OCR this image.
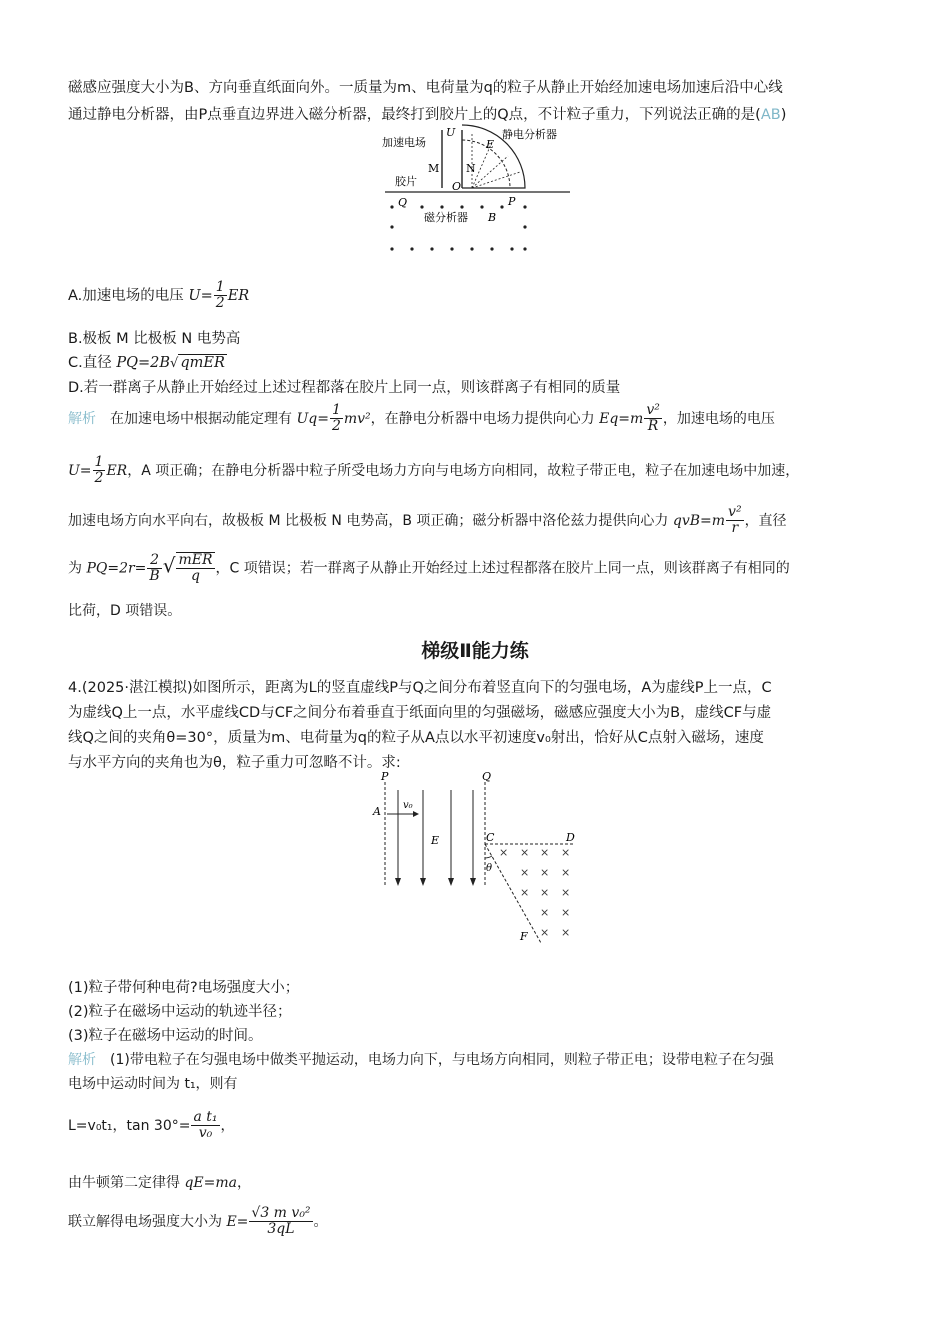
磁感应强度大小为B、方向垂直纸面向外。一质量为m、电荷量为q的粒子从静止开始经加速电场加速后沿中心线
通过静电分析器，由P点垂直边界进入磁分析器，最终打到胶片上的Q点，不计粒子重力，下列说法正确的是(AB)
加速电场
U
M N
E
静电分析器
胶片
Q
O
P
磁分析器 B
A.加速电场的电压 $U= \frac{1}{2}$ ER
B.极板 M 比极板 N 电势高
C.直径 PQ=2B√ qmER
D.若一群离子从静止开始经过上述过程都落在胶片上同一点，则该群离子有相同的质量
解析 在加速电场中根据动能定理有 $Uq= \frac{1}{2} mv^2$，在静电分析器中电场力提供向心力 $Eq=m \frac{\text{v²}}{R}$ ，加速电场的电压
$U= \frac{1}{2}$ ER，A 项正确；在静电分析器中粒子所受电场力方向与电场方向相同，故粒子带正电，粒子在加速电场中加速，
加速电场方向水平向右，故极板 M 比极板 N 电势高，B 项正确；磁分析器中洛伦兹力提供向心力 $qvB=m \frac{\text{v²}}{r}$ ，直径
为 $PQ=2r= \frac{2}{B}$ √ $\frac{\text{mER}}{q}$ ，C 项错误；若一群离子从静止开始经过上述过程都落在胶片上同一点，则该群离子有相同的
比荷，D 项错误。
梯级Ⅱ能力练
4.(2025·湛江模拟)如图所示，距离为L的竖直虚线P与Q之间分布着竖直向下的匀强电场，A为虚线P上一点，C
为虚线Q上一点，水平虚线CD与CF之间分布着垂直于纸面向里的匀强磁场，磁感应强度大小为B，虚线CF与虚
线Q之间的夹角θ=30°，质量为m、电荷量为q的粒子从A点以水平初速度v₀射出，恰好从C点射入磁场，速度
与水平方向的夹角也为θ，粒子重力可忽略不计。求:
P	Q
A v₀
E	C	D
θ
F
× × × ×
× × ×
× × ×
× ×
× ×
(1)粒子带何种电荷?电场强度大小；
(2)粒子在磁场中运动的轨迹半径；
(3)粒子在磁场中运动的时间。
解析 (1)带电粒子在匀强电场中做类平抛运动，电场力向下，与电场方向相同，则粒子带正电；设带电粒子在匀强
电场中运动时间为 t₁，则有
L=v₀t₁，$\tan 30^\circ= \frac{\text{a t₁}}{\text{v₀}}$ ，
由牛顿第二定律得 qE=ma，
联立解得电场强度大小为 $E= \frac{\text{√3 m v₀²}}{3qL}$ 。
